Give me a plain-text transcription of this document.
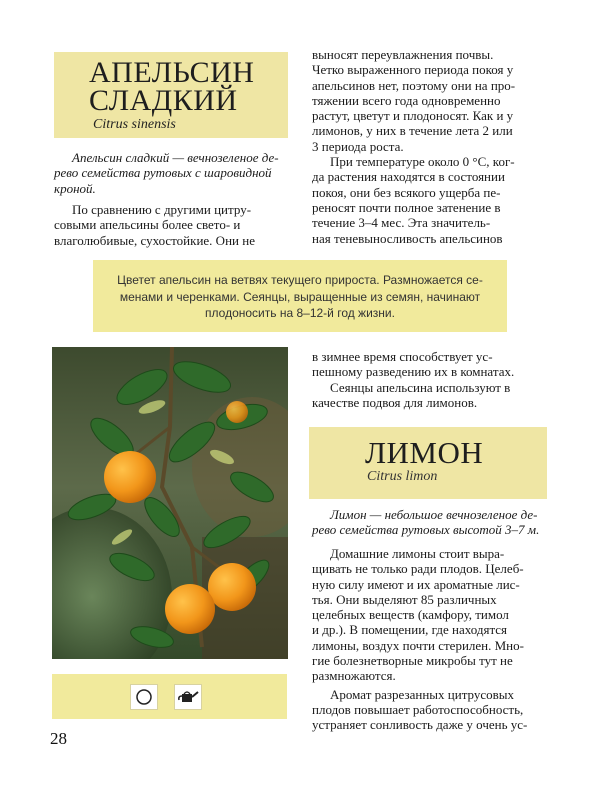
АПЕЛЬСИН
СЛАДКИЙ
Citrus sinensis

Апельсин сладкий — вечнозеленое де-

рево семейства рутовых с шаровидной

кроной.

По сравнению с другими цитру-

совыми апельсины более свето- и

влаголюбивые, сухостойкие. Они не

выносят переувлажнения почвы.

Четко выраженного периода покоя у

апельсинов нет, поэтому они на про-

тяжении всего года одновременно

растут, цветут и плодоносят. Как и у

лимонов, у них в течение лета 2 или

3 периода роста.

При температуре около 0 °С, ког-

да растения находятся в состоянии

покоя, они без всякого ущерба пе-

реносят почти полное затенение в

течение 3–4 мес. Эта значитель-

ная теневыносливость апельсинов

Цветет апельсин на ветвях текущего прироста. Размножается се-
менами и черенками. Сеянцы, выращенные из семян, начинают
плодоносить на 8–12-й год жизни.

в зимнее время способствует ус-

пешному разведению их в комнатах.

Сеянцы апельсина используют в

качестве подвоя для лимонов.

ЛИМОН
Citrus limon

Лимон — небольшое вечнозеленое де-

рево семейства рутовых высотой 3–7 м.

Домашние лимоны стоит выра-

щивать не только ради плодов. Целеб-

ную силу имеют и их ароматные лис-

тья. Они выделяют 85 различных

целебных веществ (камфору, тимол

и др.). В помещении, где находятся

лимоны, воздух почти стерилен. Мно-

гие болезнетворные микробы тут не

размножаются.

Аромат разрезанных цитрусовых

плодов повышает работоспособность,

устраняет сонливость даже у очень ус-

28
